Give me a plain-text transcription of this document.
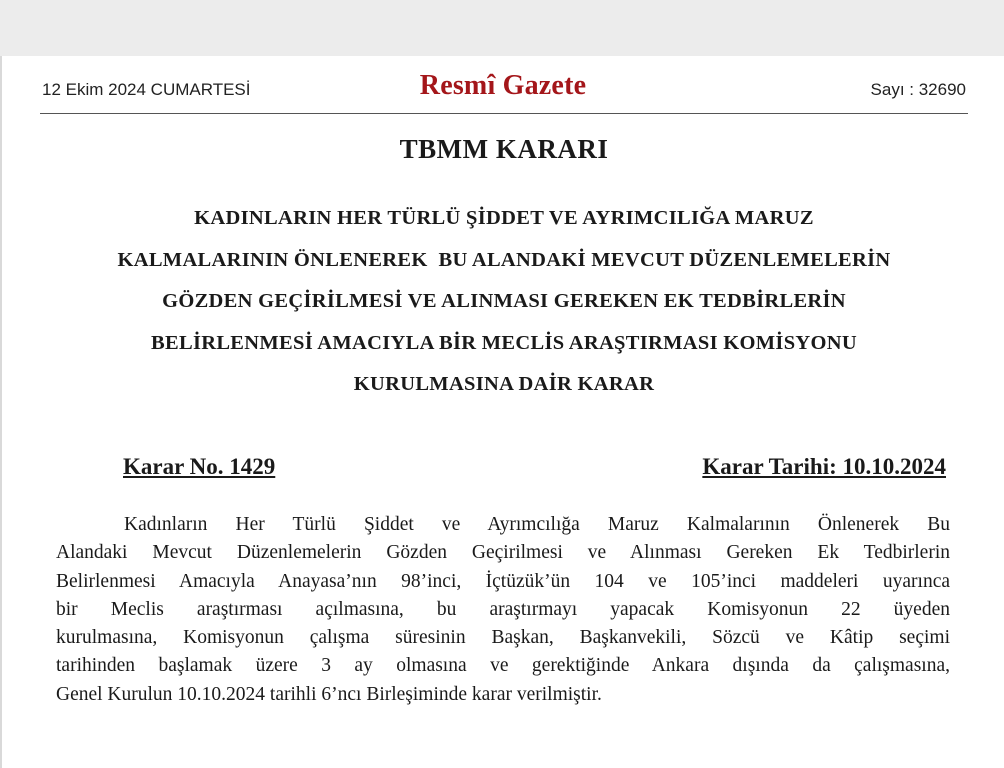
12 Ekim 2024 CUMARTESİ	Resmî Gazete	Sayı : 32690
TBMM KARARI
KADINLARIN HER TÜRLÜ ŞİDDET VE AYRIMCILIĞA MARUZ
KALMALARININ ÖNLENEREK  BU ALANDAKİ MEVCUT DÜZENLEMELERİN
GÖZDEN GEÇİRİLMESİ VE ALINMASI GEREKEN EK TEDBİRLERİN
BELİRLENMESİ AMACIYLA BİR MECLİS ARAŞTIRMASI KOMİSYONU
KURULMASINA DAİR KARAR
Karar No. 1429	Karar Tarihi: 10.10.2024
Kadınların Her Türlü Şiddet ve Ayrımcılığa Maruz Kalmalarının Önlenerek Bu
Alandaki Mevcut Düzenlemelerin Gözden Geçirilmesi ve Alınması Gereken Ek Tedbirlerin
Belirlenmesi Amacıyla Anayasa’nın 98’inci, İçtüzük’ün 104 ve 105’inci maddeleri uyarınca
bir Meclis araştırması açılmasına, bu araştırmayı yapacak Komisyonun 22 üyeden
kurulmasına, Komisyonun çalışma süresinin Başkan, Başkanvekili, Sözcü ve Kâtip seçimi
tarihinden başlamak üzere 3 ay olmasına ve gerektiğinde Ankara dışında da çalışmasına,
Genel Kurulun 10.10.2024 tarihli 6’ncı Birleşiminde karar verilmiştir.
